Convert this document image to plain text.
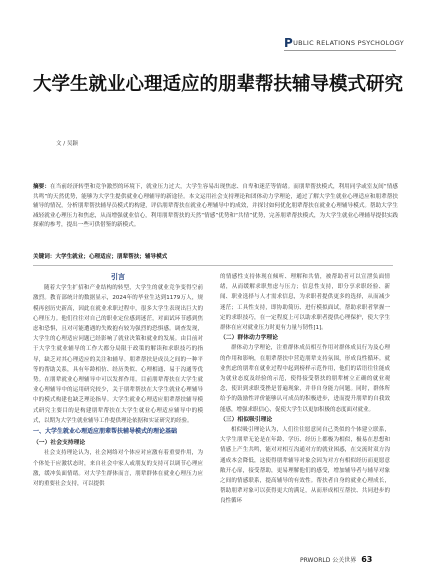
PUBLIC RELATIONS PSYCHOLOGY
大学生就业心理适应的朋辈帮扶辅导模式研究
文 / 吴颖
摘要：在当前经济转型和竞争激烈的环境下，就业压力过大，大学生容易出现焦虑、自卑和迷茫等情绪。而朋辈帮扶模式，利用同学或室友间“情感共鸣”的天然优势，能够为大学生提供就业心理辅导的新途径。本文运用社会支持理论和团体动力学理论，通过了解大学生就业心理适应和朋辈帮扶辅导的情况，分析朋辈帮扶辅导员模式的构建，评估朋辈帮扶在就业心理辅导中的成效，并探讨如何优化朋辈帮扶在就业心理辅导模式。帮助大学生减轻就业心理压力和焦虑，从而增强就业信心，利用朋辈帮扶的天然“情感”优势和“共情”优势，完善朋辈帮扶模式，为大学生就业心理辅导提供实践探索的参考，提出一些可供借鉴的新模式。
关键词：大学生就业；心理适应；朋辈帮扶；辅导模式
引言

随着大学生扩招和产业结构的转型，大学生的就业竞争变得空前激烈。教育部统计的数据显示，2024年的毕业生达到1179万人，规模再创历史新高，因此在就业求职过程中，很多大学生表现出巨大的心理压力。他们往往对自己的职业定位感到迷茫，对面试环节感到焦虑和恐惧，且对可能遭遇的失败抱有较为强烈的恐惧感。调查发现，大学生的心理适应问题已经影响了就业决策和就业的发展。由目前对于大学生就业辅导的工作大都分局限于政策的解读和求职技巧的指导，缺乏对其心理适应的关注和辅导。朋辈帮扶是成员之间的一种平等的帮助关系，具有年龄相仿、经历类似、心理相通、易于沟通等优势。在朋辈就业心理辅导中可以发挥作用。目前朋辈帮扶在大学生就业心理辅导中的运用研究较少，关于朋辈帮扶在大学生就业心理辅导中的模式构建也缺乏理论指导。大学生就业心理适应朋辈帮扶辅导模式研究主要目的是构建朋辈帮扶在大学生就业心理适应辅导中的模式，以期为大学生就业辅导工作提供理论依据和实证研究的经验。

一、大学生就业心理适应朋辈帮扶辅导模式的理论基础
（一）社会支持理论

社会支持理论认为，社会网络对个体应对应激有着重要作用，为个体处于应激状态时，来自社会中家人或朋友的支持可以调节心理应激，缓冲负面情绪。对大学生群体而言，朋辈群体在就业心理压力应对的重要社会支持，可以提供

的情感性支持体现在倾听、理解和共情，被帮助者可以宣泄负面情绪，从而缓解求职焦虑与压力；信息性支持，即分享求职经验、新闻、职业选择与人才需求信息，为求职者提供更多的选择，从而减少迷茫；工具性支持，即协助简历、进行模拟面试，帮助求职者掌握一定的求职技巧，在一定程度上可以助求职者提供心理保护，使大学生群体在应对就业压力时更有力量与韧性[1]。

（二）群体动力学理论

群体动力学理论，注重群体成员相互作用对群体成员行为及心理的作用和影响，在朋辈帮扶中营造朋辈支持氛围，形成良性循环。就业焦虑的朋辈在就业过程中起到榜样示范作用，他们的话语往往能成为就业态度及经验的示范，使得接受帮扶的朋辈树立正确的就业观念，使识到求职受挫是普遍现象，并非自身能力问题。同时，群体所给予的鼓励性评价能够认可成员的积极进步，进而提升朋辈的自我效能感，增强求职信心，促使大学生以更加积极的态度面对就业。

（三）相似吸引理论

相似吸引理论认为，人们往往愿意同自己类似的个体建立联系，大学生朋辈无论是在年龄、学历、经历上都极为相似，极易在思想和情感上产生共鸣，能对对相互沟通对方的就业困惑，在交流时双方沟通成本会降低，这使得朋辈辅导对象会因为对方有相似经历而更愿意敞开心扉，接受帮助，更易理解他们的感受，增加辅导者与辅导对象之间的情感联系，提高辅导的有效性。帮扶者自身的就业心理成长，帮助朋辈对象可以获得更大的满足，从而形成相互帮扶、共同进步的良性循环

PRWORLD 公关世界 63
